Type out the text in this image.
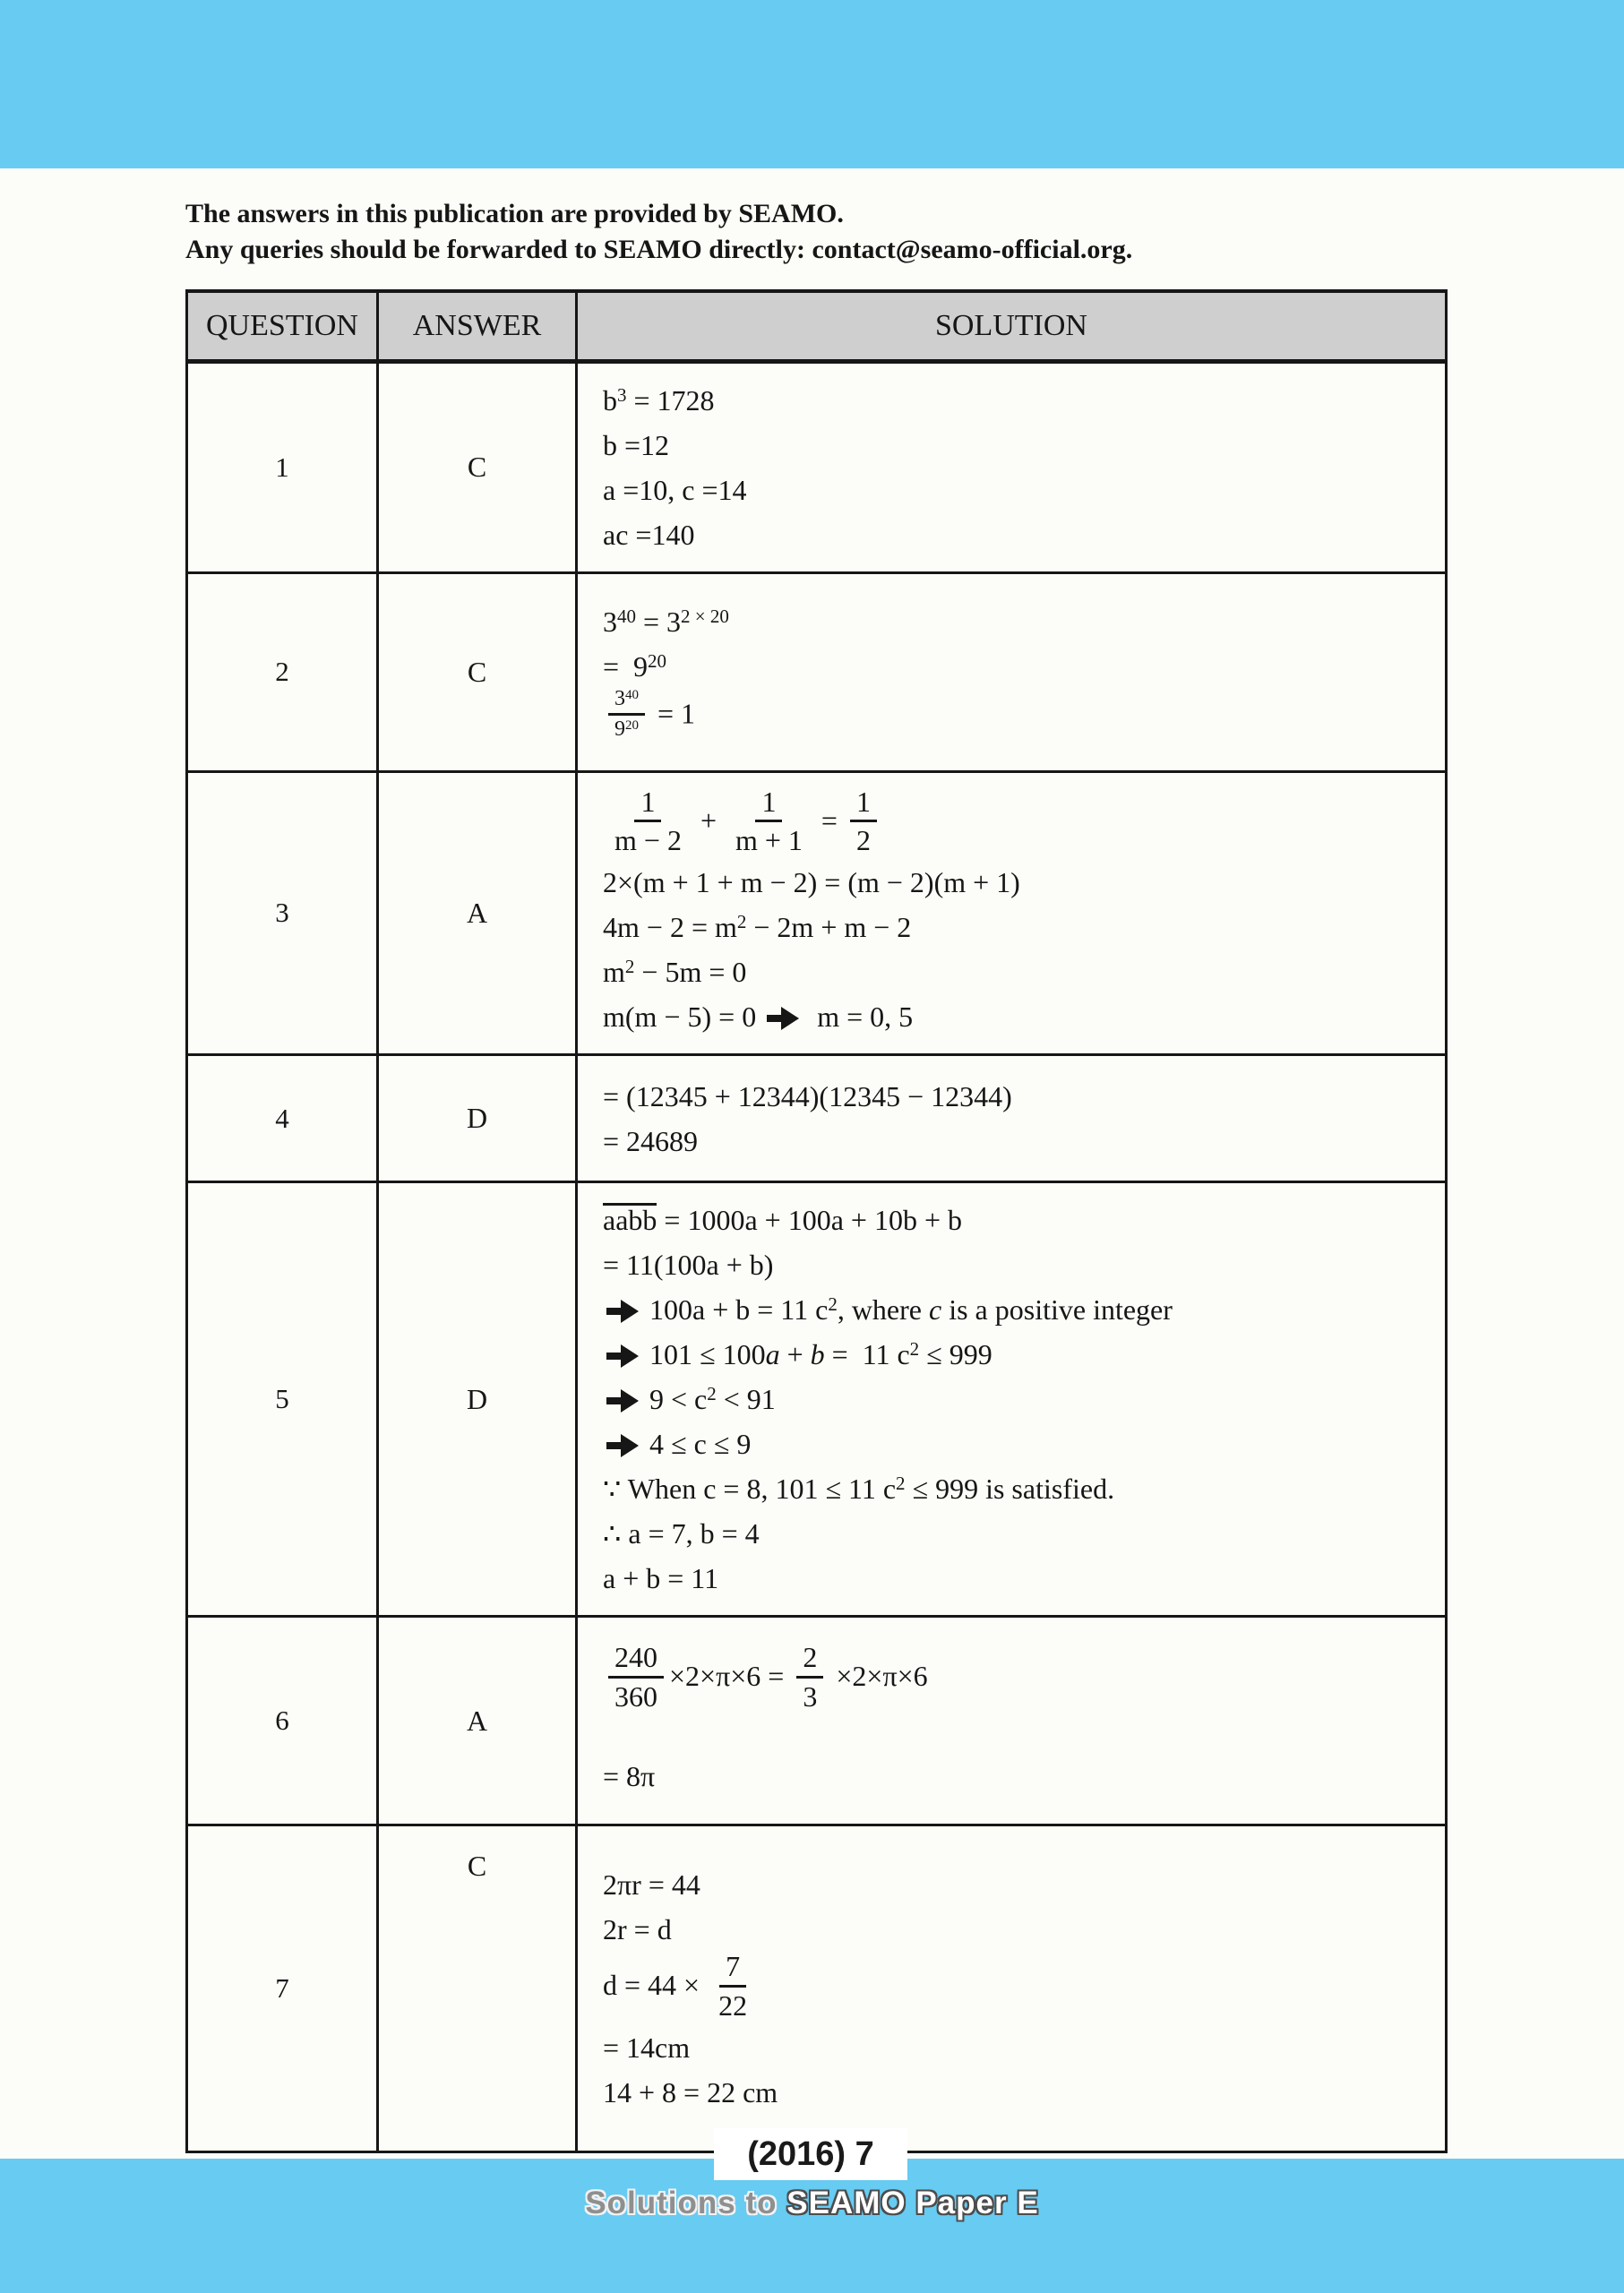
The answers in this publication are provided by SEAMO.
Any queries should be forwarded to SEAMO directly: contact@seamo-official.org.
QUESTION	ANSWER	SOLUTION
1	C	$b^3 = 1728$
b =12
a =10, c =14
ac =140

2	C	$3^{40} = 3^{2 \times 20}$
=  $9^{20}$
$\frac{3^{40}}{9^{20}} = 1$

3	A	
$\frac{1}{m - 2} + \frac{1}{m + 1} = \frac{1}{2}$
2×(m + 1 + m − 2) = (m − 2)(m + 1)
$4m - 2 = m^2 - 2m + m - 2$
$m^2 - 5m = 0$
m(m − 5) = 0  m = 0, 5

4	D	= (12345 + 12344)(12345 − 12344)
= 24689

5	D	
aabb = 1000a + 100a + 10b + b
= 11(100a + b)
100a + b = 11 $c^2$, where c is a positive integer
101 ≤ 100a + b =  11 $c^2 \le 999$
$9 < c^2 < 91$
4 ≤ c ≤ 9
∵ When c = 8, 101 ≤ 11 $c^2 \le 999$ is satisfied.
∴ a = 7, b = 4
a + b = 11

6	A	
$\frac{240}{360} \times 2\times\pi\times 6 = \frac{2}{3} \times 2\times\pi\times 6$
= 8π

7	C	
2πr = 44
2r = d
$d = 44 \times \frac{7}{22}$
= 14cm
14 + 8 = 22 cm
(2016) 7
Solutions to SEAMO Paper E
